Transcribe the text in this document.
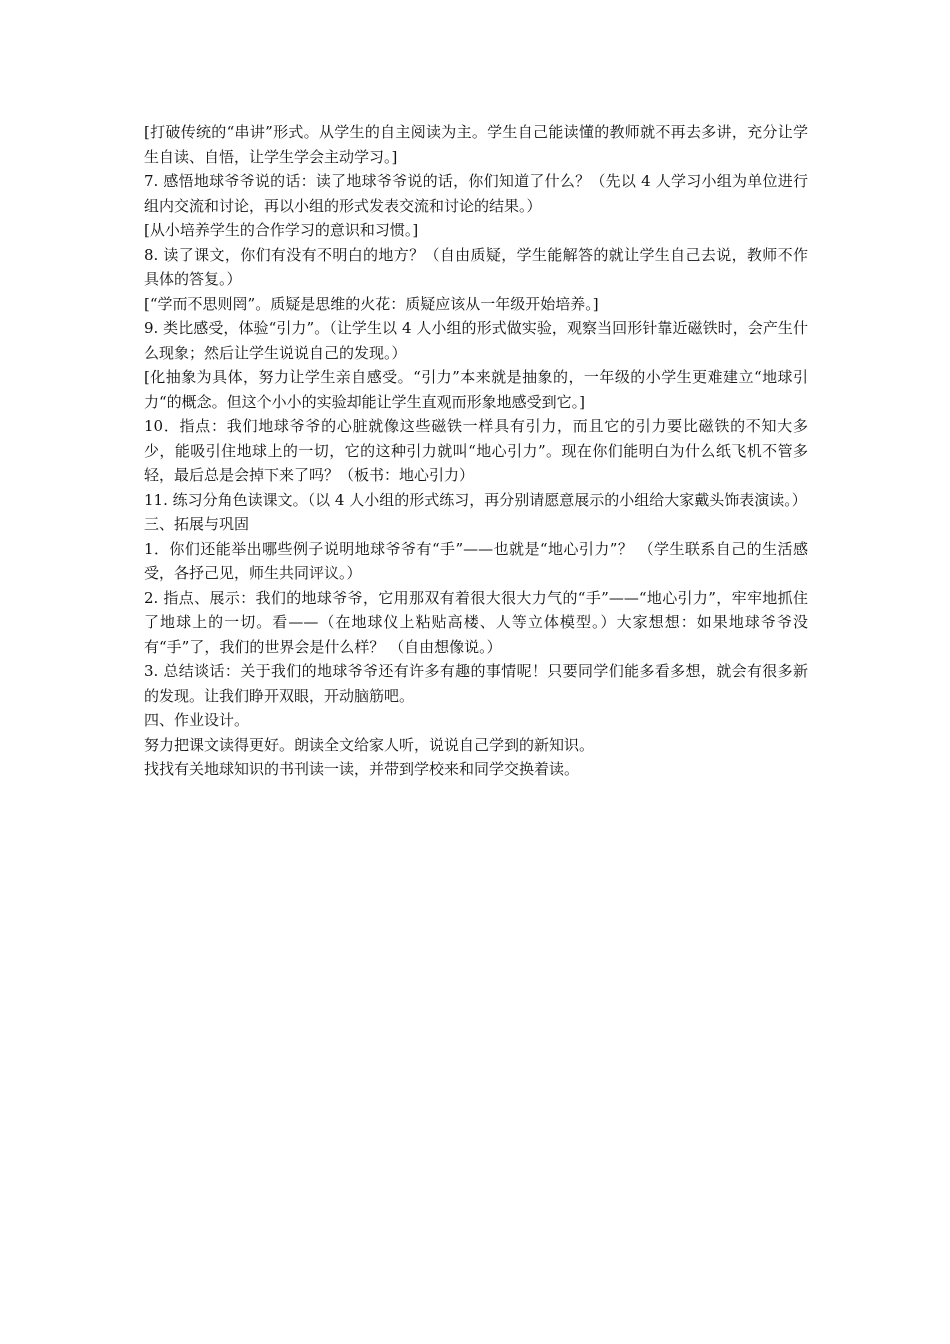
[打破传统的“串讲”形式。从学生的自主阅读为主。学生自己能读懂的教师就不再去多讲，充分让学生自读、自悟，让学生学会主动学习。]

7. 感悟地球爷爷说的话：读了地球爷爷说的话，你们知道了什么？（先以 4 人学习小组为单位进行组内交流和讨论，再以小组的形式发表交流和讨论的结果。）

[从小培养学生的合作学习的意识和习惯。]

8. 读了课文，你们有没有不明白的地方？（自由质疑，学生能解答的就让学生自己去说，教师不作具体的答复。）

[“学而不思则罔”。质疑是思维的火花：质疑应该从一年级开始培养。]

9. 类比感受，体验“引力”。（让学生以 4 人小组的形式做实验，观察当回形针靠近磁铁时，会产生什么现象；然后让学生说说自己的发现。）

[化抽象为具体，努力让学生亲自感受。“引力”本来就是抽象的，一年级的小学生更难建立“地球引力“的概念。但这个小小的实验却能让学生直观而形象地感受到它。]

10．指点：我们地球爷爷的心脏就像这些磁铁一样具有引力，而且它的引力要比磁铁的不知大多少，能吸引住地球上的一切，它的这种引力就叫“地心引力”。现在你们能明白为什么纸飞机不管多轻，最后总是会掉下来了吗？（板书：地心引力）

11. 练习分角色读课文。（以 4 人小组的形式练习，再分别请愿意展示的小组给大家戴头饰表演读。）

三、拓展与巩固

1．你们还能举出哪些例子说明地球爷爷有“手”——也就是“地心引力”？ （学生联系自己的生活感受，各抒己见，师生共同评议。）

2. 指点、展示：我们的地球爷爷，它用那双有着很大很大力气的“手”——“地心引力”，牢牢地抓住了地球上的一切。看——（在地球仪上粘贴高楼、人等立体模型。）大家想想：如果地球爷爷没有“手”了，我们的世界会是什么样？ （自由想像说。）

3. 总结谈话：关于我们的地球爷爷还有许多有趣的事情呢！只要同学们能多看多想，就会有很多新的发现。让我们睁开双眼，开动脑筋吧。

四、作业设计。

努力把课文读得更好。朗读全文给家人听，说说自己学到的新知识。

找找有关地球知识的书刊读一读，并带到学校来和同学交换着读。
